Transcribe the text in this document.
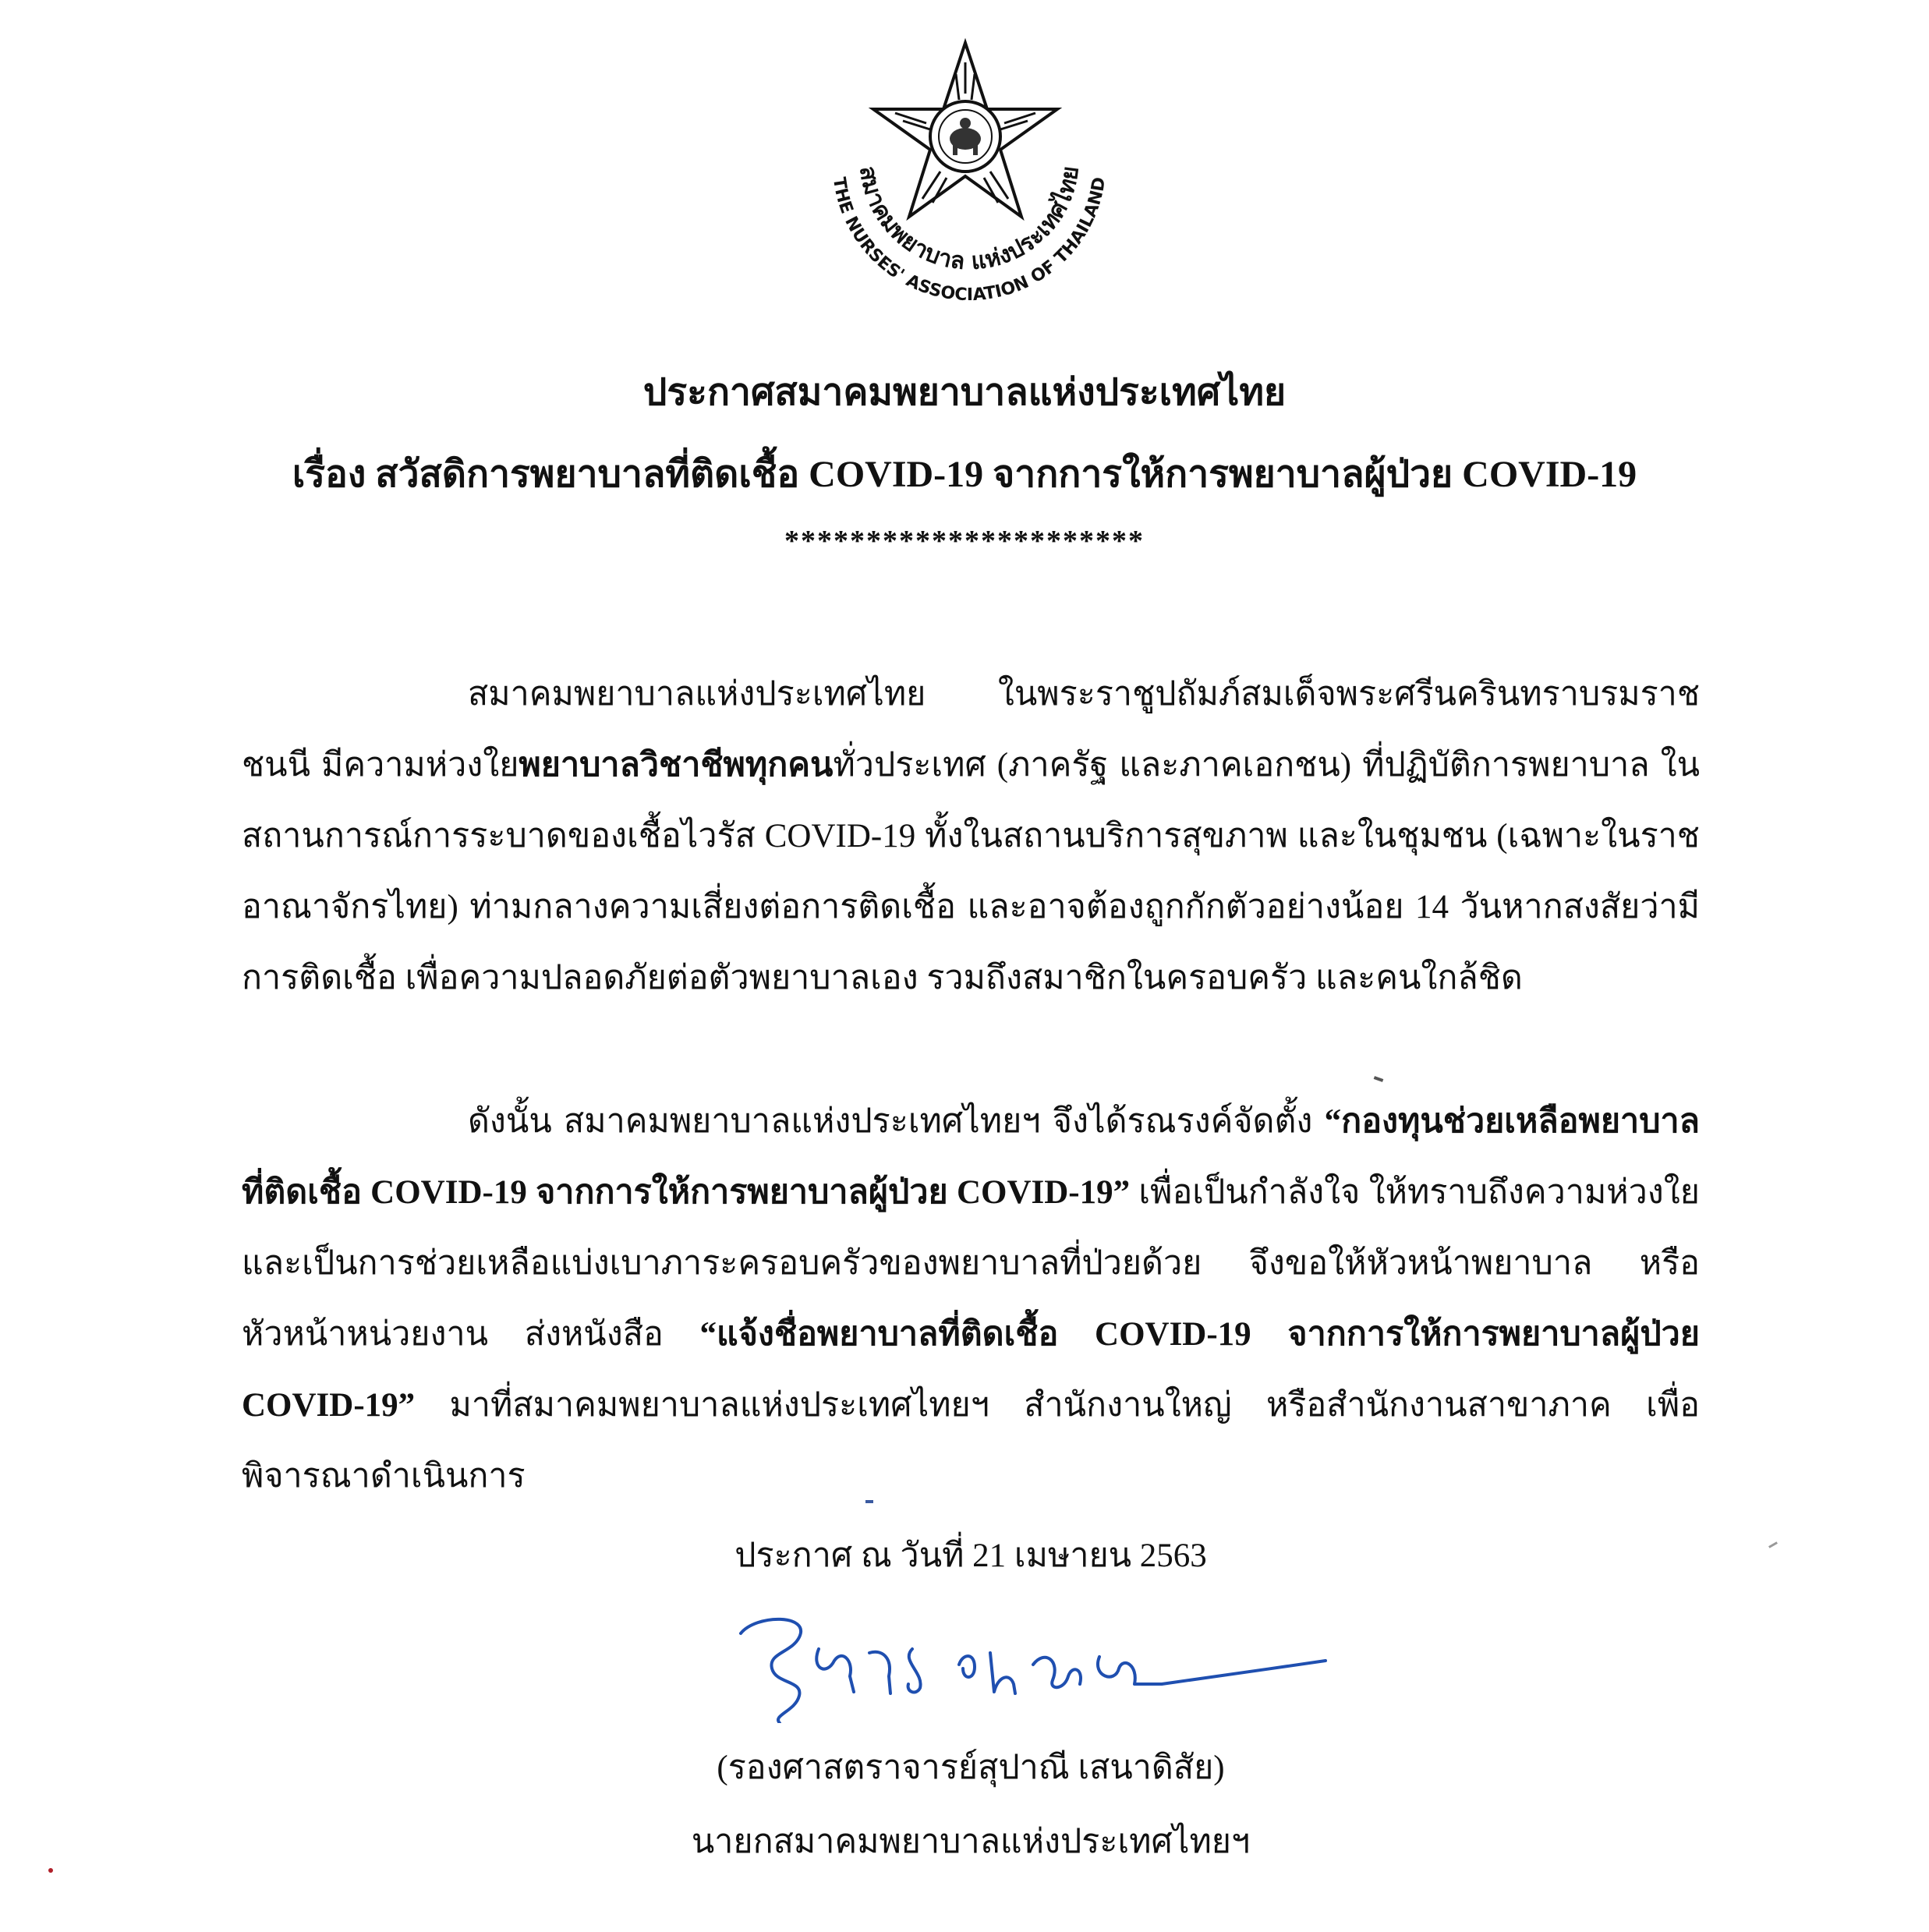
สมาคมพยาบาล แห่งประเทศไทย
THE NURSES' ASSOCIATION OF THAILAND
ประกาศสมาคมพยาบาลแห่งประเทศไทย
เรื่อง สวัสดิการพยาบาลที่ติดเชื้อ COVID-19 จากการให้การพยาบาลผู้ป่วย COVID-19
**********************
สมาคมพยาบาลแห่งประเทศไทย ในพระราชูปถัมภ์สมเด็จพระศรีนครินทราบรมราชชนนี มีความห่วงใยพยาบาลวิชาชีพทุกคนทั่วประเทศ (ภาครัฐ และภาคเอกชน) ที่ปฏิบัติการพยาบาล ในสถานการณ์การระบาดของเชื้อไวรัส COVID-19 ทั้งในสถานบริการสุขภาพ และในชุมชน (เฉพาะในราชอาณาจักรไทย) ท่ามกลางความเสี่ยงต่อการติดเชื้อ และอาจต้องถูกกักตัวอย่างน้อย 14 วันหากสงสัยว่ามีการติดเชื้อ เพื่อความปลอดภัยต่อตัวพยาบาลเอง รวมถึงสมาชิกในครอบครัว และคนใกล้ชิด
ดังนั้น สมาคมพยาบาลแห่งประเทศไทยฯ จึงได้รณรงค์จัดตั้ง “กองทุนช่วยเหลือพยาบาลที่ติดเชื้อ COVID-19 จากการให้การพยาบาลผู้ป่วย COVID-19” เพื่อเป็นกำลังใจ ให้ทราบถึงความห่วงใย และเป็นการช่วยเหลือแบ่งเบาภาระครอบครัวของพยาบาลที่ป่วยด้วย จึงขอให้หัวหน้าพยาบาล หรือหัวหน้าหน่วยงาน ส่งหนังสือ “แจ้งชื่อพยาบาลที่ติดเชื้อ COVID-19 จากการให้การพยาบาลผู้ป่วย COVID-19” มาที่สมาคมพยาบาลแห่งประเทศไทยฯ สำนักงานใหญ่ หรือสำนักงานสาขาภาค เพื่อพิจารณาดำเนินการ
ประกาศ ณ วันที่ 21 เมษายน 2563
(รองศาสตราจารย์สุปาณี เสนาดิสัย)
นายกสมาคมพยาบาลแห่งประเทศไทยฯ
